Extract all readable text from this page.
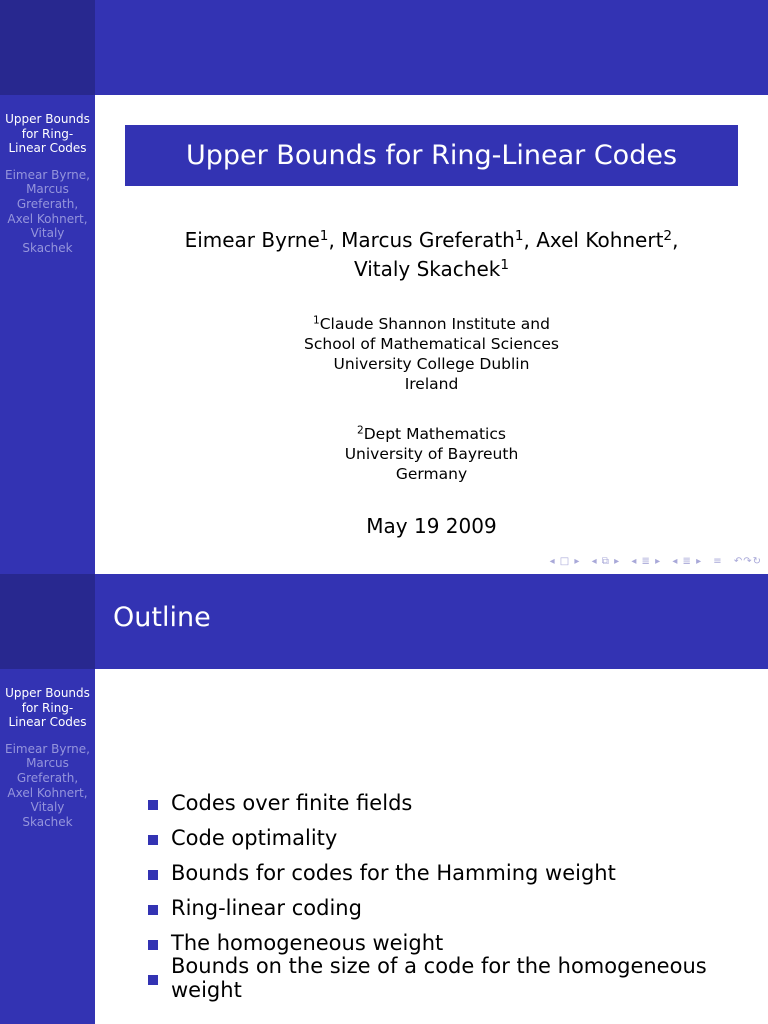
Upper Bounds for Ring-Linear Codes
Eimear Byrne, Marcus Greferath, Axel Kohnert, Vitaly Skachek
Upper Bounds for Ring-Linear Codes
Eimear Byrne$^1$, Marcus Greferath$^1$, Axel Kohnert$^2$,
Vitaly Skachek$^1$
$^1$Claude Shannon Institute and
School of Mathematical Sciences
University College Dublin
Ireland
$^2$Dept Mathematics
University of Bayreuth
Germany
May 19 2009
◂ □ ▸ ◂ ⧉ ▸ ◂ ≣ ▸ ◂ ≣ ▸ ≡ ↶↷↻
Upper Bounds for Ring-Linear Codes
Eimear Byrne, Marcus Greferath, Axel Kohnert, Vitaly Skachek
Outline
Codes over finite fields
Code optimality
Bounds for codes for the Hamming weight
Ring-linear coding
The homogeneous weight
Bounds on the size of a code for the homogeneous weight
